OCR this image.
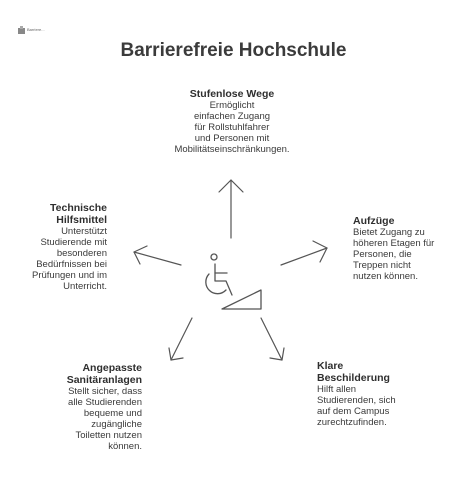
Barriere...
Barrierefreie Hochschule
Stufenlose Wege
Ermöglicht
einfachen Zugang
für Rollstuhlfahrer
und Personen mit
Mobilitätseinschränkungen.
Aufzüge
Bietet Zugang zu
höheren Etagen für
Personen, die
Treppen nicht
nutzen können.
Klare
Beschilderung
Hilft allen
Studierenden, sich
auf dem Campus
zurechtzufinden.
Angepasste
Sanitäranlagen
Stellt sicher, dass
alle Studierenden
bequeme und
zugängliche
Toiletten nutzen
können.
Technische
Hilfsmittel
Unterstützt
Studierende mit
besonderen
Bedürfnissen bei
Prüfungen und im
Unterricht.
